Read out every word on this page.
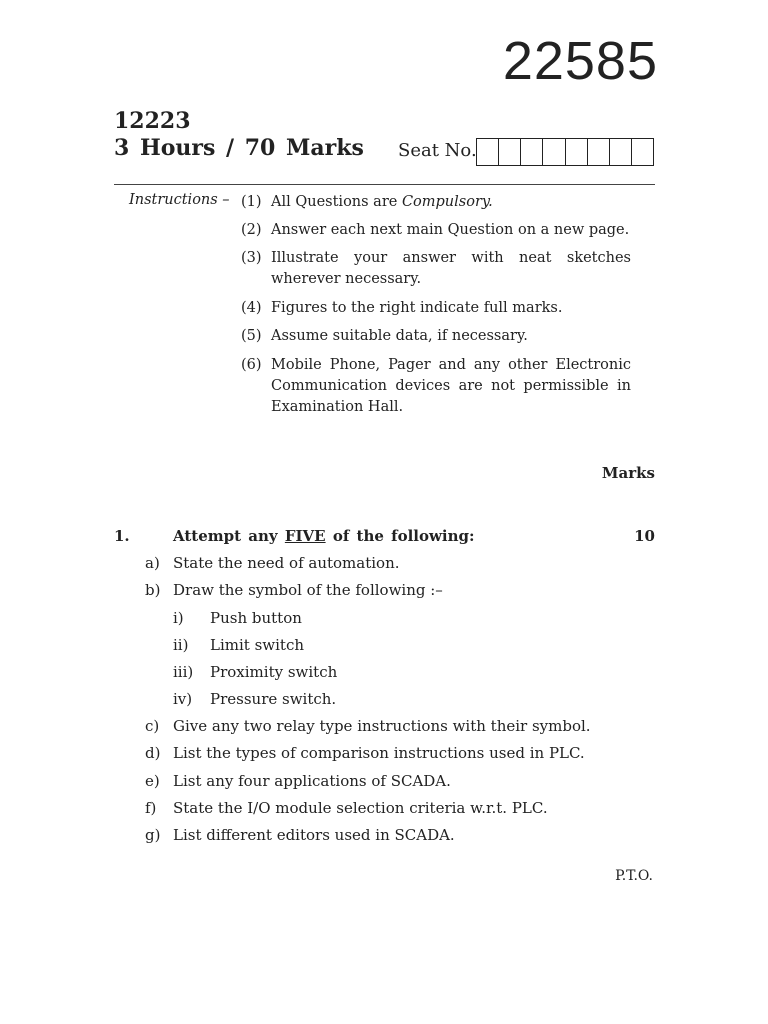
22585
12223
3 Hours / 70 Marks Seat No.
Instructions – (1) All Questions are Compulsory.
(2) Answer each next main Question on a new page.
(3) Illustrate your answer with neat sketches wherever necessary.
(4) Figures to the right indicate full marks.
(5) Assume suitable data, if necessary.
(6) Mobile Phone, Pager and any other Electronic Communication devices are not permissible in Examination Hall.
Marks
1.	Attempt any FIVE of the following:	10
a) State the need of automation.
b) Draw the symbol of the following :–
i)	Push button
ii)	Limit switch
iii)	Proximity switch
iv)	Pressure switch.
c) Give any two relay type instructions with their symbol.
d) List the types of comparison instructions used in PLC.
e) List any four applications of SCADA.
f)	State the I/O module selection criteria w.r.t. PLC.
g) List different editors used in SCADA.
P.T.O.
